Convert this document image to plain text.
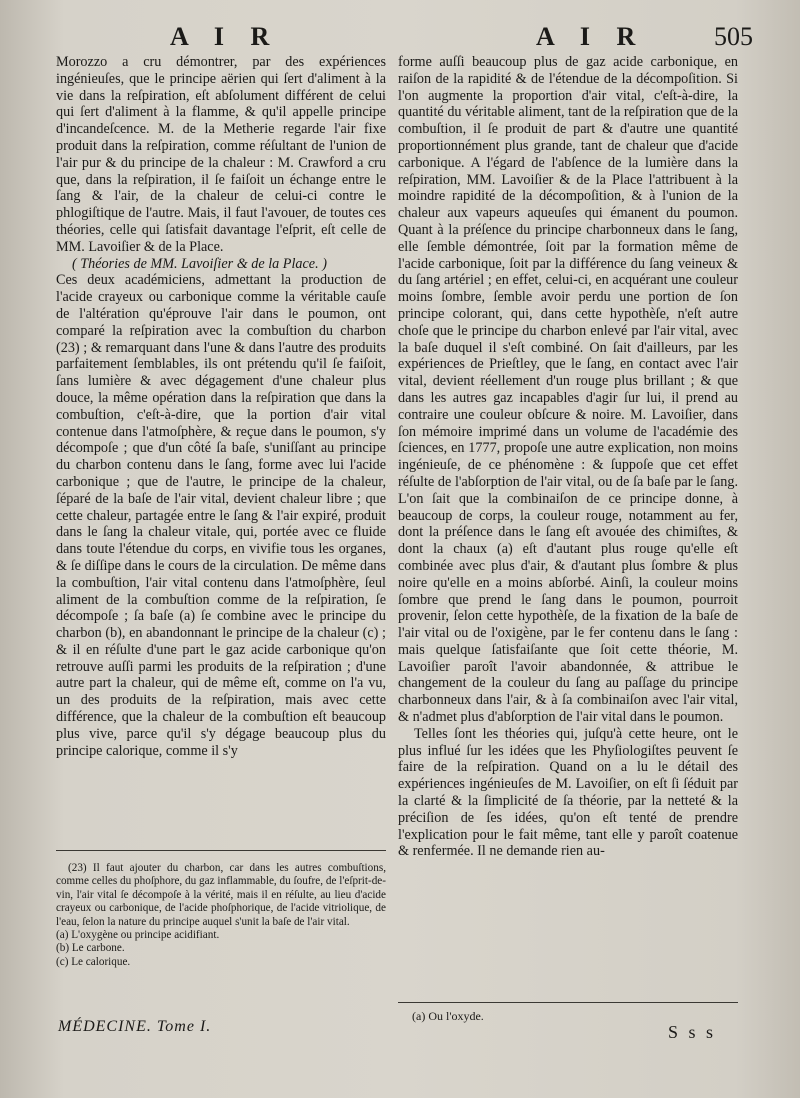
A I R	A I R	505

Morozzo a cru démontrer, par des expériences ingénieuſes, que le principe aërien qui ſert d'aliment à la vie dans la reſpiration, eſt abſolument différent de celui qui ſert d'aliment à la flamme, & qu'il appelle principe d'incandeſcence. M. de la Metherie regarde l'air fixe produit dans la reſpiration, comme réſultant de l'union de l'air pur & du principe de la chaleur : M. Crawford a cru que, dans la reſpiration, il ſe faiſoit un échange entre le ſang & l'air, de la chaleur de celui-ci contre le phlogiſtique de l'autre. Mais, il faut l'avouer, de toutes ces théories, celle qui ſatisfait davantage l'eſprit, eſt celle de MM. Lavoiſier & de la Place.

( Théories de MM. Lavoiſier & de la Place. )

Ces deux académiciens, admettant la production de l'acide crayeux ou carbonique comme la véritable cauſe de l'altération qu'éprouve l'air dans le poumon, ont comparé la reſpiration avec la combuſtion du charbon (23) ; & remarquant dans l'une & dans l'autre des produits parfaitement ſemblables, ils ont prétendu qu'il ſe faiſoit, ſans lumière & avec dégagement d'une chaleur plus douce, la même opération dans la reſpiration que dans la combuſtion, c'eſt-à-dire, que la portion d'air vital contenue dans l'atmoſphère, & reçue dans le poumon, s'y décompoſe ; que d'un côté ſa baſe, s'uniſſant au principe du charbon contenu dans le ſang, forme avec lui l'acide carbonique ; que de l'autre, le principe de la chaleur, ſéparé de la baſe de l'air vital, devient chaleur libre ; que cette chaleur, partagée entre le ſang & l'air expiré, produit dans le ſang la chaleur vitale, qui, portée avec ce fluide dans toute l'étendue du corps, en vivifie tous les organes, & ſe diſſipe dans le cours de la circulation. De même dans la combuſtion, l'air vital contenu dans l'atmoſphère, ſeul aliment de la combuſtion comme de la reſpiration, ſe décompoſe ; ſa baſe (a) ſe combine avec le principe du charbon (b), en abandonnant le principe de la chaleur (c) ; & il en réſulte d'une part le gaz acide carbonique qu'on retrouve auſſi parmi les produits de la reſpiration ; d'une autre part la chaleur, qui de même eſt, comme on l'a vu, un des produits de la reſpiration, mais avec cette différence, que la chaleur de la combuſtion eſt beaucoup plus vive, parce qu'il s'y dégage beaucoup plus du principe calorique, comme il s'y

forme auſſi beaucoup plus de gaz acide carbonique, en raiſon de la rapidité & de l'étendue de la décompoſition. Si l'on augmente la proportion d'air vital, c'eſt-à-dire, la quantité du véritable aliment, tant de la reſpiration que de la combuſtion, il ſe produit de part & d'autre une quantité proportionnément plus grande, tant de chaleur que d'acide carbonique. A l'égard de l'abſence de la lumière dans la reſpiration, MM. Lavoiſier & de la Place l'attribuent à la moindre rapidité de la décompoſition, & à l'union de la chaleur aux vapeurs aqueuſes qui émanent du poumon. Quant à la préſence du principe charbonneux dans le ſang, elle ſemble démontrée, ſoit par la formation même de l'acide carbonique, ſoit par la différence du ſang veineux & du ſang artériel ; en effet, celui-ci, en acquérant une couleur moins ſombre, ſemble avoir perdu une portion de ſon principe colorant, qui, dans cette hypothèſe, n'eſt autre choſe que le principe du charbon enlevé par l'air vital, avec la baſe duquel il s'eſt combiné. On ſait d'ailleurs, par les expériences de Prieſtley, que le ſang, en contact avec l'air vital, devient réellement d'un rouge plus brillant ; & que dans les autres gaz incapables d'agir ſur lui, il prend au contraire une couleur obſcure & noire. M. Lavoiſier, dans ſon mémoire imprimé dans un volume de l'académie des ſciences, en 1777, propoſe une autre explication, non moins ingénieuſe, de ce phénomène : & ſuppoſe que cet effet réſulte de l'abſorption de l'air vital, ou de ſa baſe par le ſang. L'on ſait que la combinaiſon de ce principe donne, à beaucoup de corps, la couleur rouge, notamment au fer, dont la préſence dans le ſang eſt avouée des chimiſtes, & dont la chaux (a) eſt d'autant plus rouge qu'elle eſt combinée avec plus d'air, & d'autant plus ſombre & plus noire qu'elle en a moins abſorbé. Ainſi, la couleur moins ſombre que prend le ſang dans le poumon, pourroit provenir, ſelon cette hypothèſe, de la fixation de la baſe de l'air vital ou de l'oxigène, par le fer contenu dans le ſang : mais quelque ſatisfaiſante que ſoit cette théorie, M. Lavoiſier paroît l'avoir abandonnée, & attribue le changement de la couleur du ſang au paſſage du principe charbonneux dans l'air, & à ſa combinaiſon avec l'air vital, & n'admet plus d'abſorption de l'air vital dans le poumon.

Telles ſont les théories qui, juſqu'à cette heure, ont le plus influé ſur les idées que les Phyſiologiſtes peuvent ſe faire de la reſpiration. Quand on a lu le détail des expériences ingénieuſes de M. Lavoiſier, on eſt ſi ſéduit par la clarté & la ſimplicité de ſa théorie, par la netteté & la préciſion de ſes idées, qu'on eſt tenté de prendre l'explication pour le fait même, tant elle y paroît coatenue & renfermée. Il ne demande rien au-

(23) Il faut ajouter du charbon, car dans les autres combuſtions, comme celles du phoſphore, du gaz inflammable, du ſoufre, de l'eſprit-de-vin, l'air vital ſe décompoſe à la vérité, mais il en réſulte, au lieu d'acide crayeux ou carbonique, de l'acide phoſphorique, de l'acide vitriolique, de l'eau, ſelon la nature du principe auquel s'unit la baſe de l'air vital.

(a) L'oxygène ou principe acidifiant.

(b) Le carbone.

(c) Le calorique.

(a) Ou l'oxyde.
MÉDECINE. Tome I.	S s s
